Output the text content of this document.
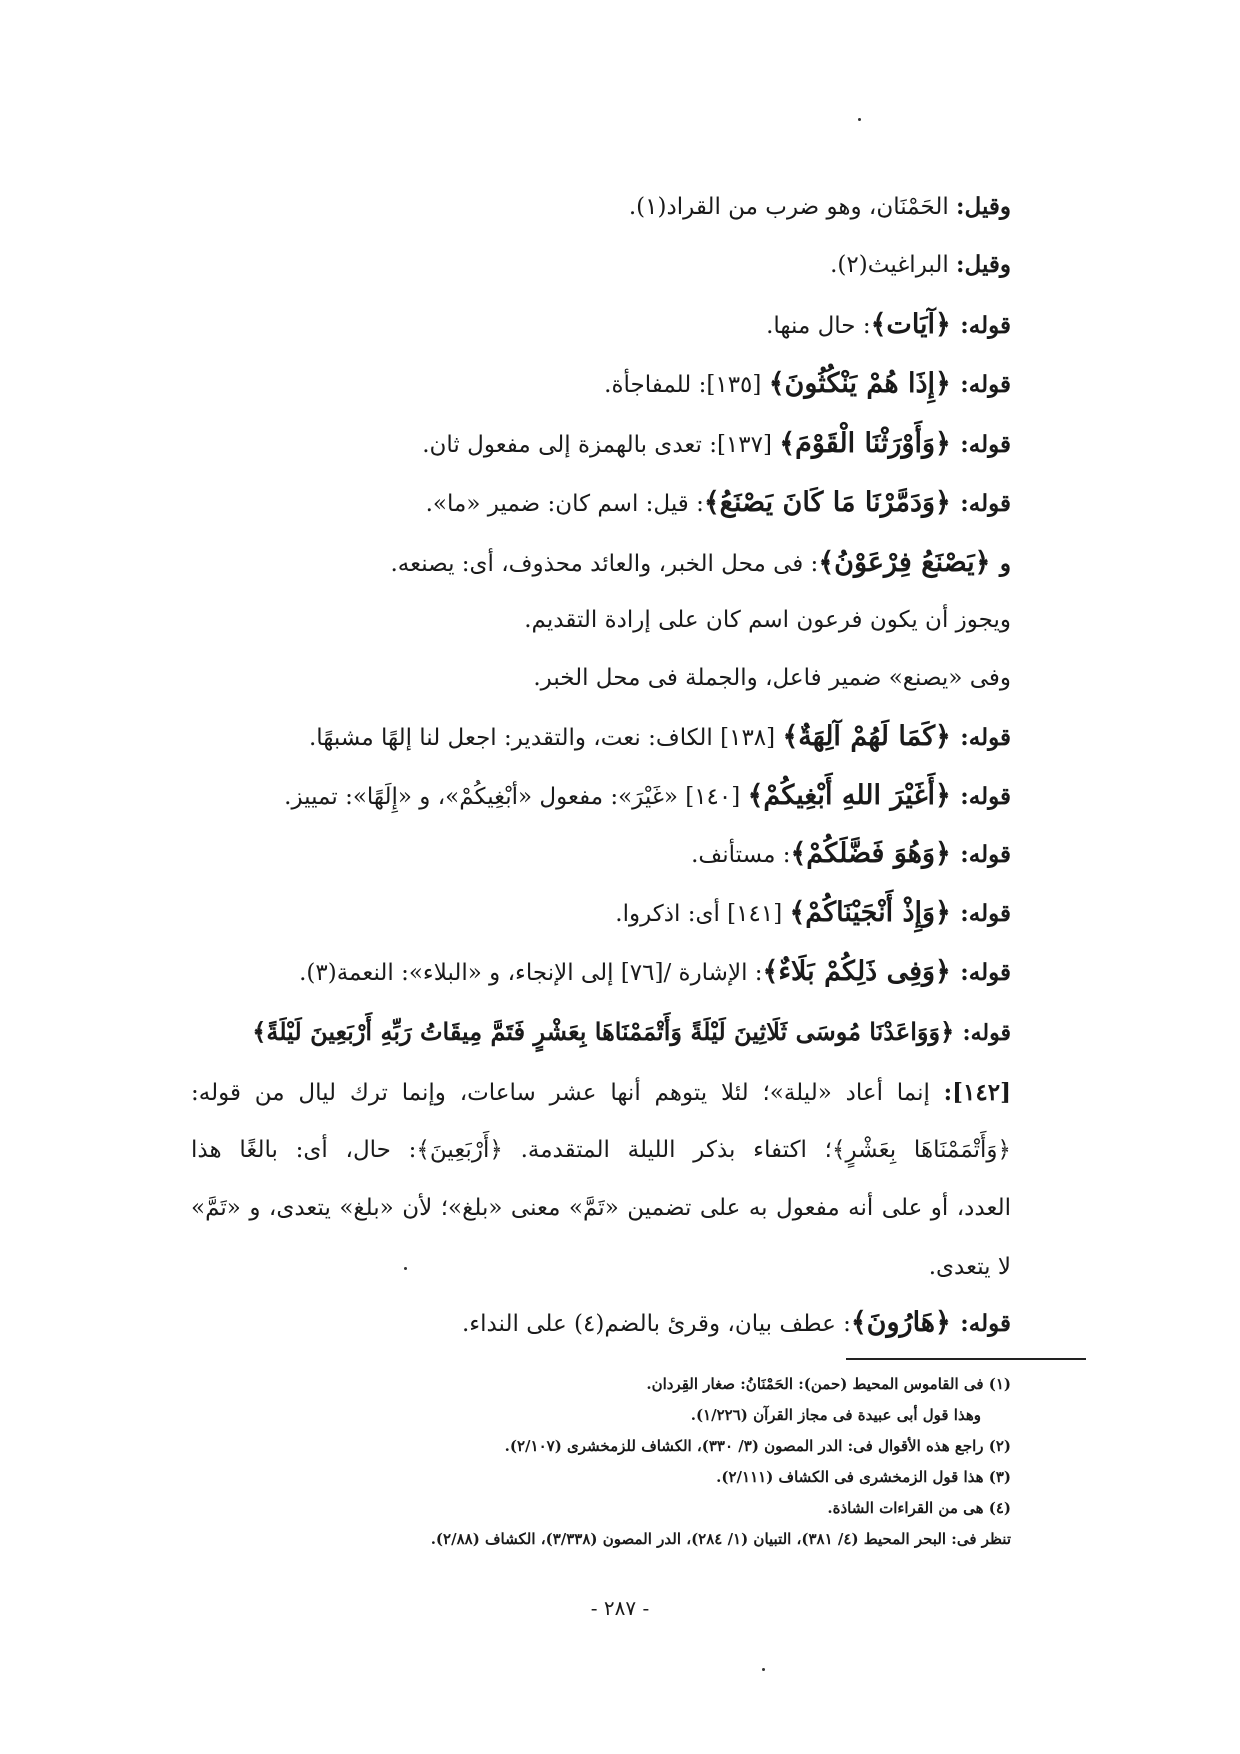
وقيل: الحَمْنَان، وهو ضرب من القراد(١).
وقيل: البراغيث(٢).
قوله: ﴿آيَات﴾: حال منها.
قوله: ﴿إِذَا هُمْ يَنْكُثُونَ﴾ [١٣٥]: للمفاجأة.
قوله: ﴿وَأَوْرَثْنَا الْقَوْمَ﴾ [١٣٧]: تعدى بالهمزة إلى مفعول ثان.
قوله: ﴿وَدَمَّرْنَا مَا كَانَ يَصْنَعُ﴾: قيل: اسم كان: ضمير «ما».
و ﴿يَصْنَعُ فِرْعَوْنُ﴾: فى محل الخبر، والعائد محذوف، أى: يصنعه.
ويجوز أن يكون فرعون اسم كان على إرادة التقديم.
وفى «يصنع» ضمير فاعل، والجملة فى محل الخبر.
قوله: ﴿كَمَا لَهُمْ آلِهَةٌ﴾ [١٣٨] الكاف: نعت، والتقدير: اجعل لنا إلهًا مشبهًا.
قوله: ﴿أَغَيْرَ اللهِ أَبْغِيكُمْ﴾ [١٤٠] «غَيْرَ»: مفعول «أبْغِيكُمْ»، و «إِلَهًا»: تمييز.
قوله: ﴿وَهُوَ فَضَّلَكُمْ﴾: مستأنف.
قوله: ﴿وَإِذْ أَنْجَيْنَاكُمْ﴾ [١٤١] أى: اذكروا.
قوله: ﴿وَفِى ذَلِكُمْ بَلَاءٌ﴾: الإشارة /[٧٦] إلى الإنجاء، و «البلاء»: النعمة(٣).
قوله: ﴿وَوَاعَدْنَا مُوسَى ثَلَاثِينَ لَيْلَةً وَأَتْمَمْنَاهَا بِعَشْرٍ فَتَمَّ مِيقَاتُ رَبِّهِ أَرْبَعِينَ لَيْلَةً﴾
[١٤٢]: إنما أعاد «ليلة»؛ لئلا يتوهم أنها عشر ساعات، وإنما ترك ليال من قوله:
﴿وَأَتْمَمْنَاهَا بِعَشْرٍ﴾؛ اكتفاء بذكر الليلة المتقدمة. ﴿أَرْبَعِينَ﴾: حال، أى: بالغًا هذا
العدد، أو على أنه مفعول به على تضمين «تَمَّ» معنى «بلغ»؛ لأن «بلغ» يتعدى، و «تَمَّ»
لا يتعدى.
قوله: ﴿هَارُونَ﴾: عطف بيان، وقرئ بالضم(٤) على النداء.
(١) فى القاموس المحيط (حمن): الحَمْنَانُ: صغار القِردان.
وهذا قول أبى عبيدة فى مجاز القرآن (١/٢٢٦).
(٢) راجع هذه الأقوال فى: الدر المصون (٣/ ٣٣٠)، الكشاف للزمخشرى (٢/١٠٧).
(٣) هذا قول الزمخشرى فى الكشاف (٢/١١١).
(٤) هى من القراءات الشاذة.
تنظر فى: البحر المحيط (٤/ ٣٨١)، التبيان (١/ ٢٨٤)، الدر المصون (٣/٣٣٨)، الكشاف (٢/٨٨).
- ٢٨٧ -
